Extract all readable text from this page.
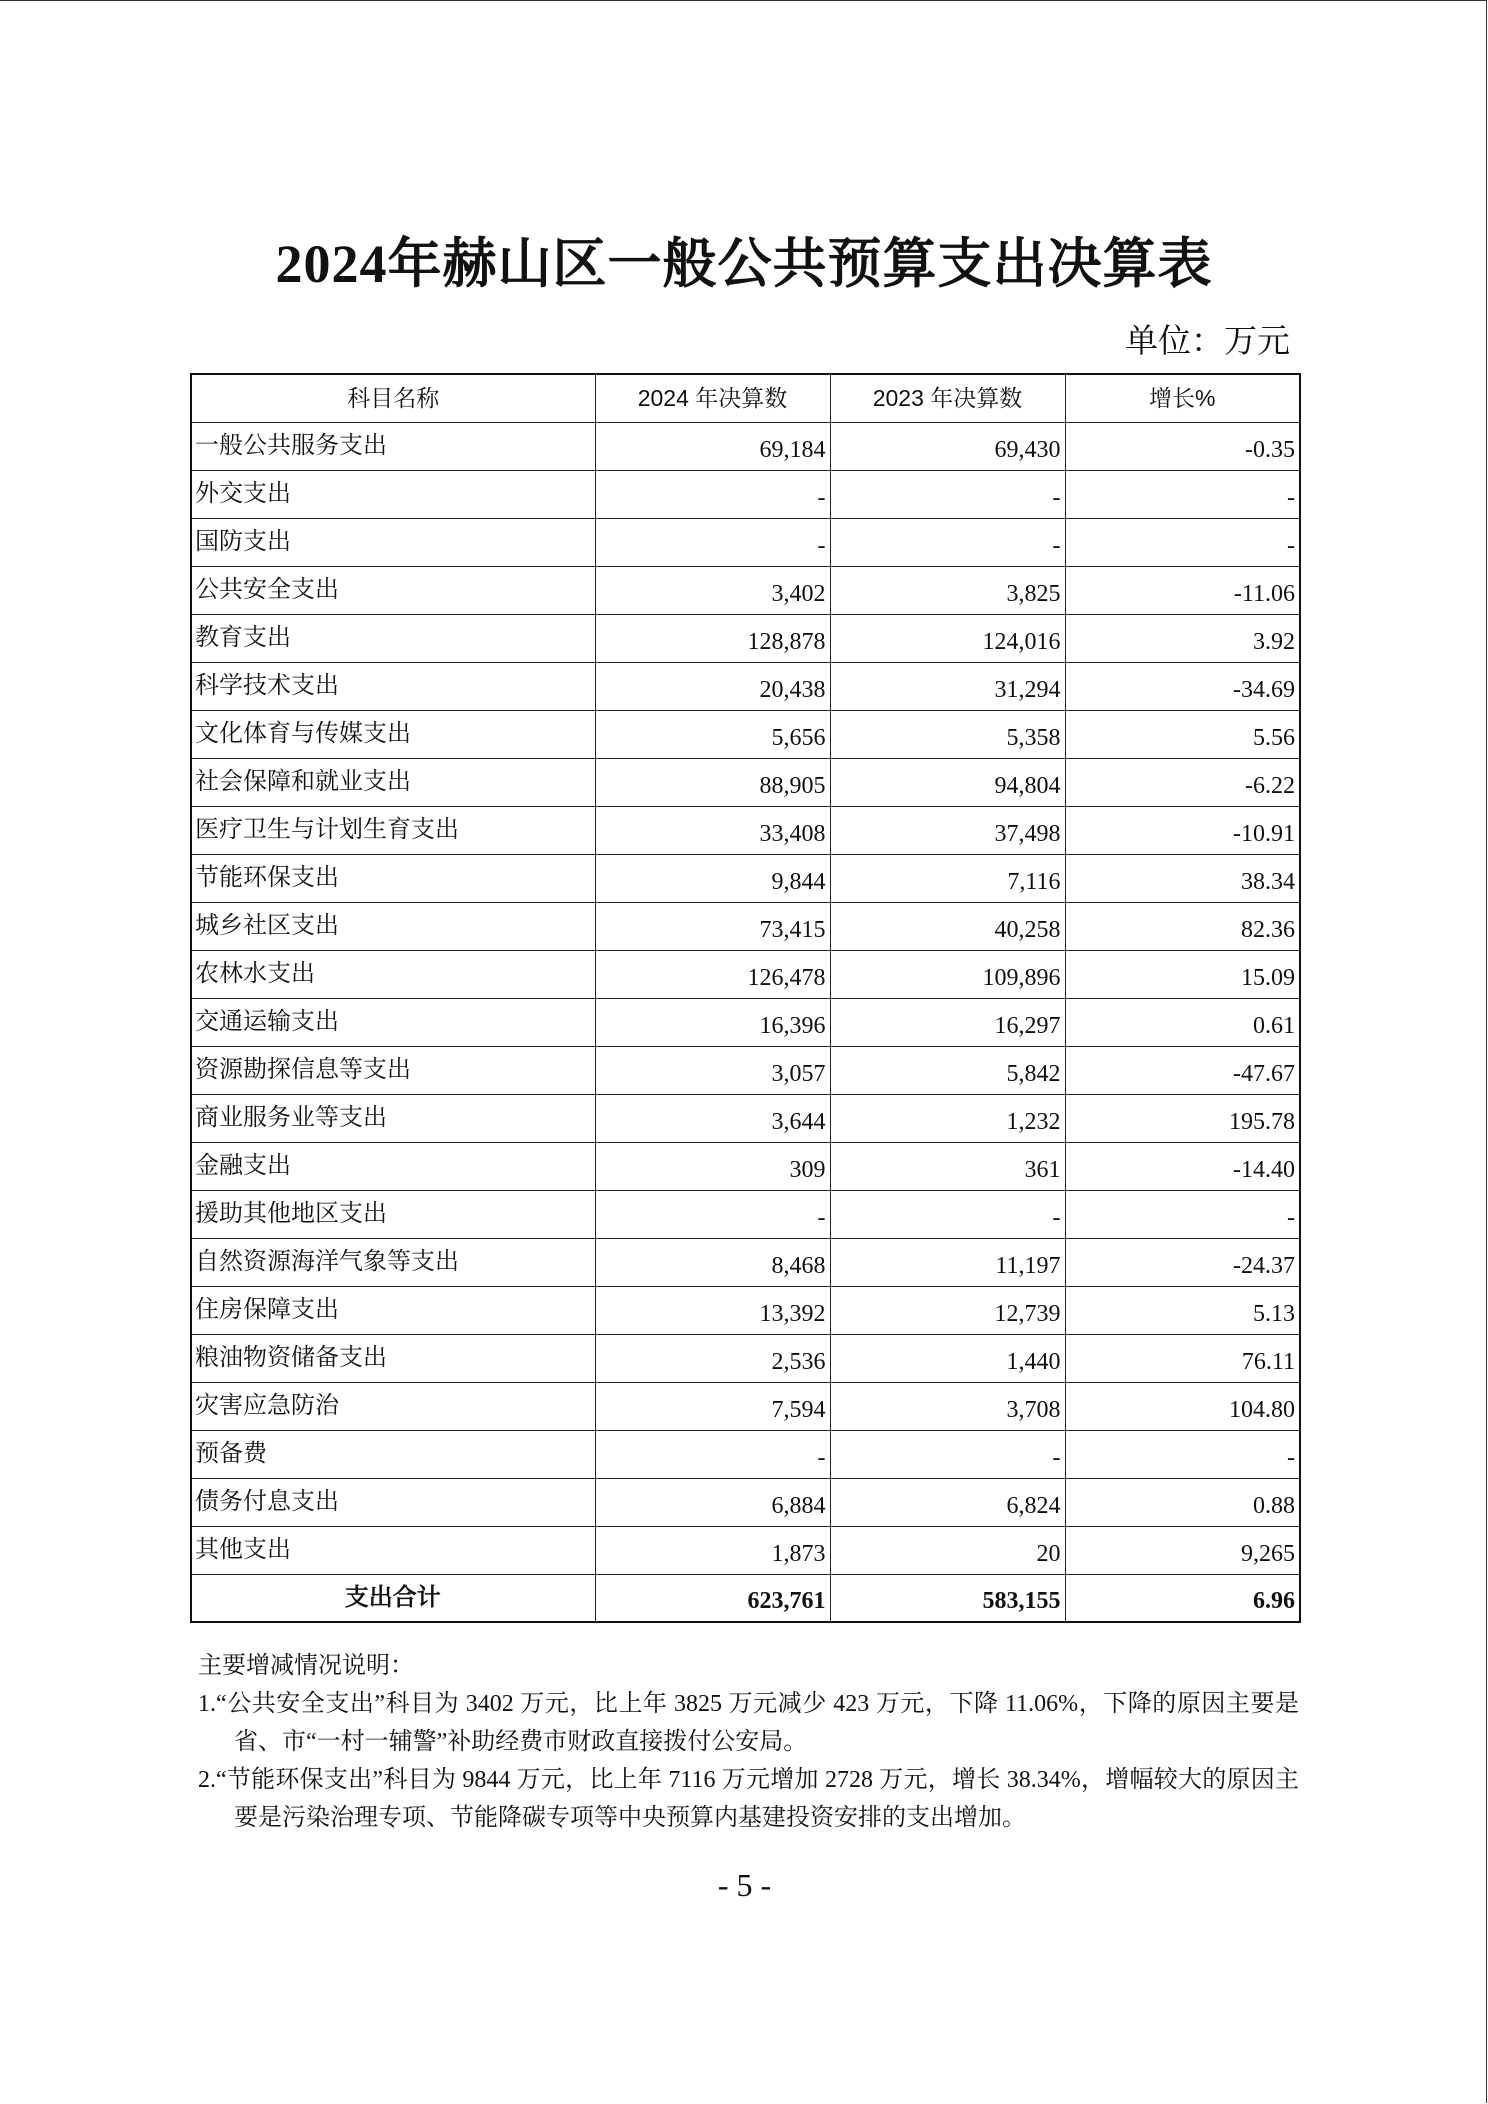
2024年赫山区一般公共预算支出决算表
单位：万元
科目名称	2024 年决算数	2023 年决算数	增长%
一般公共服务支出	69,184	69,430	-0.35
外交支出	-	-	-
国防支出	-	-	-
公共安全支出	3,402	3,825	-11.06
教育支出	128,878	124,016	3.92
科学技术支出	20,438	31,294	-34.69
文化体育与传媒支出	5,656	5,358	5.56
社会保障和就业支出	88,905	94,804	-6.22
医疗卫生与计划生育支出	33,408	37,498	-10.91
节能环保支出	9,844	7,116	38.34
城乡社区支出	73,415	40,258	82.36
农林水支出	126,478	109,896	15.09
交通运输支出	16,396	16,297	0.61
资源勘探信息等支出	3,057	5,842	-47.67
商业服务业等支出	3,644	1,232	195.78
金融支出	309	361	-14.40
援助其他地区支出	-	-	-
自然资源海洋气象等支出	8,468	11,197	-24.37
住房保障支出	13,392	12,739	5.13
粮油物资储备支出	2,536	1,440	76.11
灾害应急防治	7,594	3,708	104.80
预备费	-	-	-
债务付息支出	6,884	6,824	0.88
其他支出	1,873	20	9,265
支出合计	623,761	583,155	6.96
主要增减情况说明：
1.“公共安全支出”科目为 3402 万元，比上年 3825 万元减少 423 万元，下降 11.06%，下降的原因主要是省、市“一村一辅警”补助经费市财政直接拨付公安局。
2.“节能环保支出”科目为 9844 万元，比上年 7116 万元增加 2728 万元，增长 38.34%，增幅较大的原因主要是污染治理专项、节能降碳专项等中央预算内基建投资安排的支出增加。
- 5 -
